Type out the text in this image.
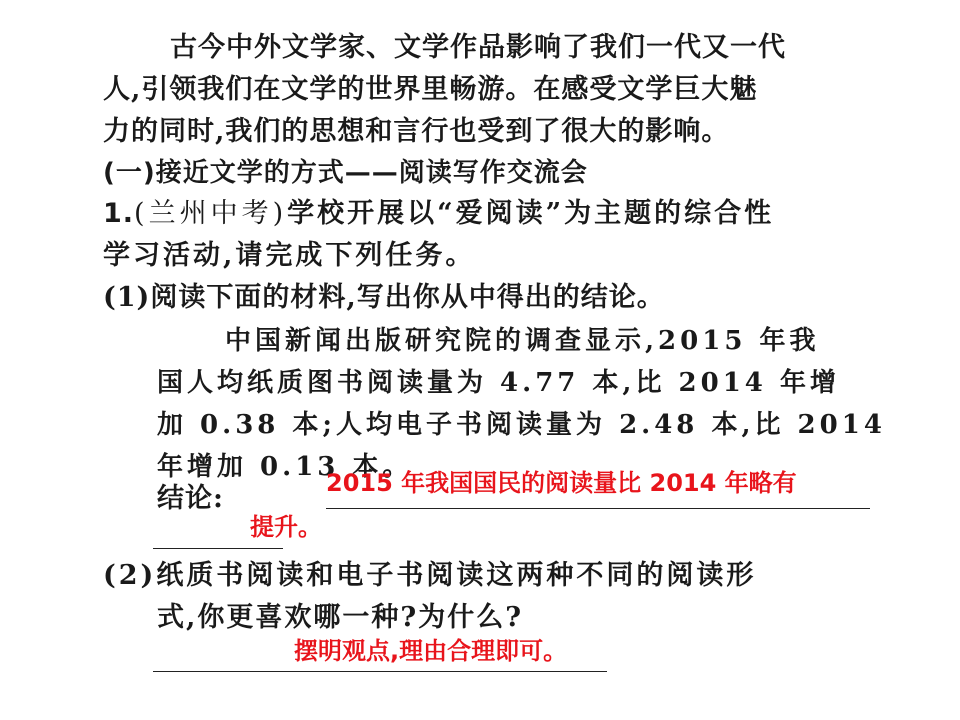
古今中外文学家、文学作品影响了我们一代又一代
人,引领我们在文学的世界里畅游。在感受文学巨大魅
力的同时,我们的思想和言行也受到了很大的影响。
(一)接近文学的方式——阅读写作交流会
1.(兰州中考)学校开展以“爱阅读”为主题的综合性
学习活动,请完成下列任务。
(1)阅读下面的材料,写出你从中得出的结论。
中国新闻出版研究院的调查显示,2015 年我
国人均纸质图书阅读量为 4.77 本,比 2014 年增
加 0.38 本;人均电子书阅读量为 2.48 本,比 2014
年增加 0.13 本。
结论:	2015 年我国国民的阅读量比 2014 年略有
提升。
(2)纸质书阅读和电子书阅读这两种不同的阅读形
式,你更喜欢哪一种?为什么?
摆明观点,理由合理即可。
